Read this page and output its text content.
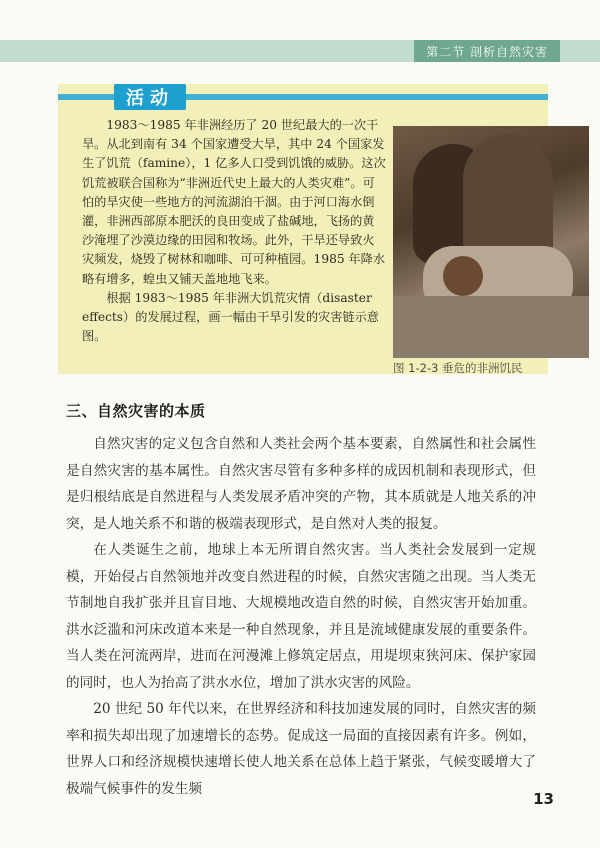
第二节 剖析自然灾害
活动

1983～1985 年非洲经历了 20 世纪最大的一次干旱。从北到南有 34 个国家遭受大旱，其中 24 个国家发生了饥荒（famine），1 亿多人口受到饥饿的威胁。这次饥荒被联合国称为“非洲近代史上最大的人类灾难”。可怕的旱灾使一些地方的河流湖泊干涸。由于河口海水倒灌，非洲西部原本肥沃的良田变成了盐碱地，飞扬的黄沙淹埋了沙漠边缘的田园和牧场。此外，干旱还导致火灾频发，烧毁了树林和咖啡、可可种植园。1985 年降水略有增多，蝗虫又铺天盖地地飞来。

根据 1983～1985 年非洲大饥荒灾情（disaster effects）的发展过程，画一幅由干旱引发的灾害链示意图。

图 1-2-3 垂危的非洲饥民
三、自然灾害的本质

自然灾害的定义包含自然和人类社会两个基本要素，自然属性和社会属性是自然灾害的基本属性。自然灾害尽管有多种多样的成因机制和表现形式，但是归根结底是自然进程与人类发展矛盾冲突的产物，其本质就是人地关系的冲突，是人地关系不和谐的极端表现形式，是自然对人类的报复。

在人类诞生之前，地球上本无所谓自然灾害。当人类社会发展到一定规模，开始侵占自然领地并改变自然进程的时候，自然灾害随之出现。当人类无节制地自我扩张并且盲目地、大规模地改造自然的时候，自然灾害开始加重。洪水泛滥和河床改道本来是一种自然现象，并且是流域健康发展的重要条件。当人类在河流两岸，进而在河漫滩上修筑定居点，用堤坝束狭河床、保护家园的同时，也人为抬高了洪水水位，增加了洪水灾害的风险。

20 世纪 50 年代以来，在世界经济和科技加速发展的同时，自然灾害的频率和损失却出现了加速增长的态势。促成这一局面的直接因素有许多。例如，世界人口和经济规模快速增长使人地关系在总体上趋于紧张，气候变暖增大了极端气候事件的发生频

13
